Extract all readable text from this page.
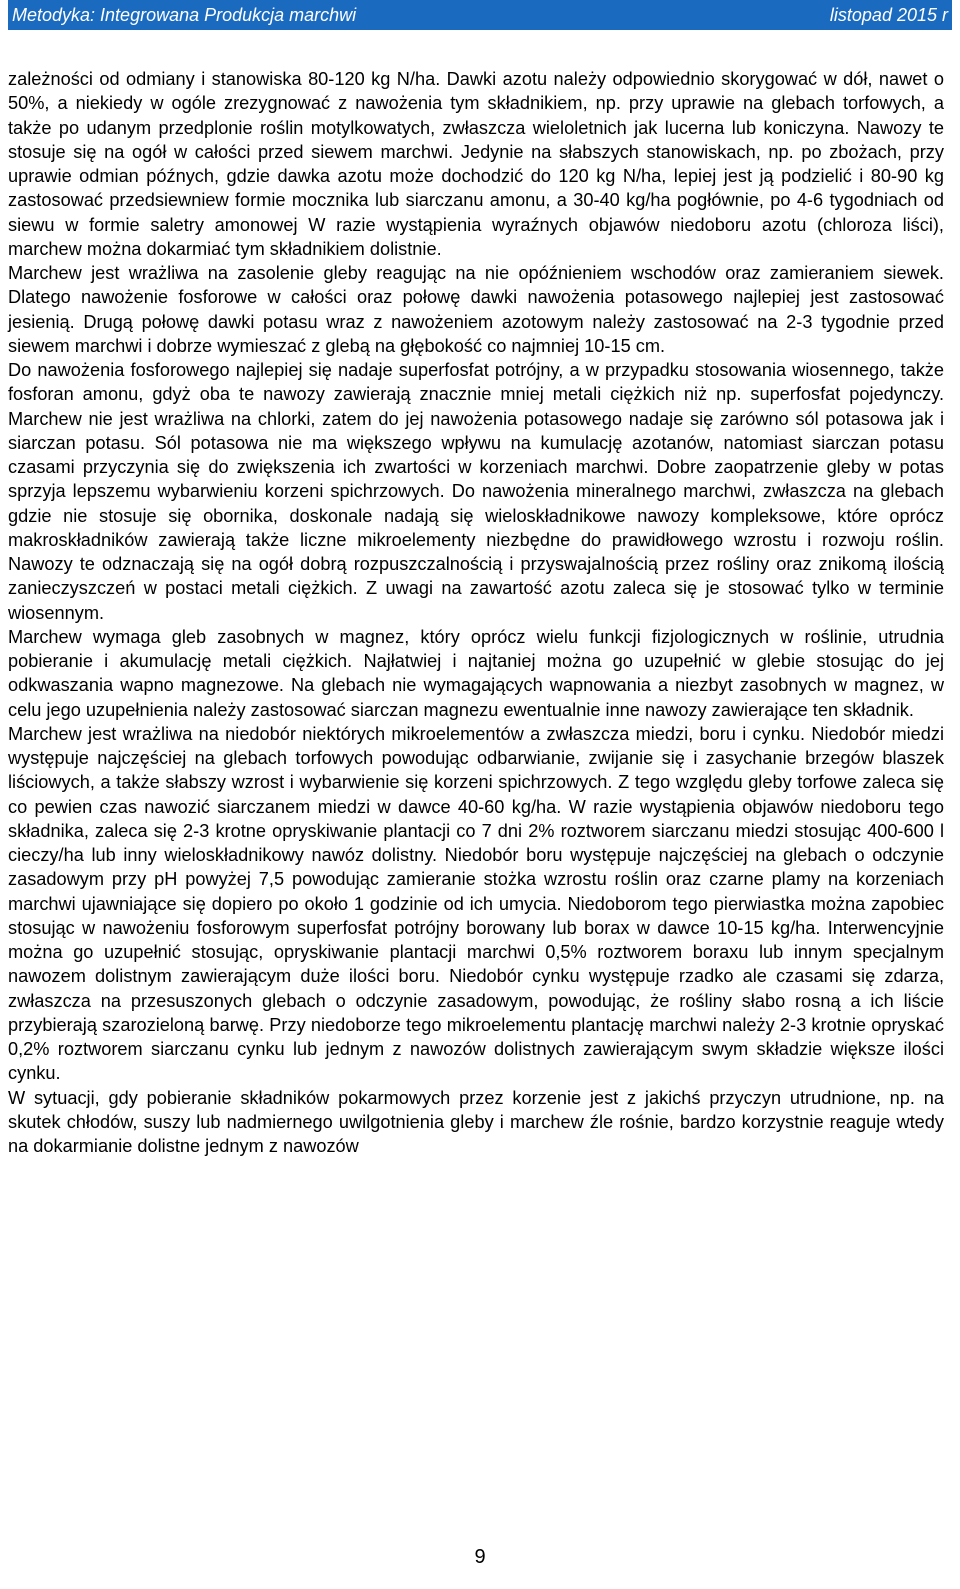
Metodyka: Integrowana Produkcja marchwi	listopad 2015 r

zależności od odmiany i stanowiska 80-120 kg N/ha. Dawki azotu należy odpowiednio skorygować w dół, nawet o 50%, a niekiedy w ogóle zrezygnować z nawożenia tym składnikiem, np. przy uprawie na glebach torfowych, a także po udanym przedplonie roślin motylkowatych, zwłaszcza wieloletnich jak lucerna lub koniczyna. Nawozy te stosuje się na ogół w całości przed siewem marchwi. Jedynie na słabszych stanowiskach, np. po zbożach, przy uprawie odmian późnych, gdzie dawka azotu może dochodzić do 120 kg N/ha, lepiej jest ją podzielić i 80-90 kg zastosować przedsiewniew formie mocznika lub siarczanu amonu, a 30-40 kg/ha pogłównie, po 4-6 tygodniach od siewu w formie saletry amonowej W razie wystąpienia wyraźnych objawów niedoboru azotu (chloroza liści), marchew można dokarmiać tym składnikiem dolistnie.

Marchew jest wrażliwa na zasolenie gleby reagując na nie opóźnieniem wschodów oraz zamieraniem siewek. Dlatego nawożenie fosforowe w całości oraz połowę dawki nawożenia potasowego najlepiej jest zastosować jesienią. Drugą połowę dawki potasu wraz z nawożeniem azotowym należy zastosować na 2-3 tygodnie przed siewem marchwi i dobrze wymieszać z glebą na głębokość co najmniej 10-15 cm.

Do nawożenia fosforowego najlepiej się nadaje superfosfat potrójny, a w przypadku stosowania wiosennego, także fosforan amonu, gdyż oba te nawozy zawierają znacznie mniej metali ciężkich niż np. superfosfat pojedynczy. Marchew nie jest wrażliwa na chlorki, zatem do jej nawożenia potasowego nadaje się zarówno sól potasowa jak i siarczan potasu. Sól potasowa nie ma większego wpływu na kumulację azotanów, natomiast siarczan potasu czasami przyczynia się do zwiększenia ich zwartości w korzeniach marchwi. Dobre zaopatrzenie gleby w potas sprzyja lepszemu wybarwieniu korzeni spichrzowych. Do nawożenia mineralnego marchwi, zwłaszcza na glebach gdzie nie stosuje się obornika, doskonale nadają się wieloskładnikowe nawozy kompleksowe, które oprócz makroskładników zawierają także liczne mikroelementy niezbędne do prawidłowego wzrostu i rozwoju roślin. Nawozy te odznaczają się na ogół dobrą rozpuszczalnością i przyswajalnością przez rośliny oraz znikomą ilością zanieczyszczeń w postaci metali ciężkich. Z uwagi na zawartość azotu zaleca się je stosować tylko w terminie wiosennym.

Marchew wymaga gleb zasobnych w magnez, który oprócz wielu funkcji fizjologicznych w roślinie, utrudnia pobieranie i akumulację metali ciężkich. Najłatwiej i najtaniej można go uzupełnić w glebie stosując do jej odkwaszania wapno magnezowe. Na glebach nie wymagających wapnowania a niezbyt zasobnych w magnez, w celu jego uzupełnienia należy zastosować siarczan magnezu ewentualnie inne nawozy zawierające ten składnik.

Marchew jest wrażliwa na niedobór niektórych mikroelementów a zwłaszcza miedzi, boru i cynku. Niedobór miedzi występuje najczęściej na glebach torfowych powodując odbarwianie, zwijanie się i zasychanie brzegów blaszek liściowych, a także słabszy wzrost i wybarwienie się korzeni spichrzowych. Z tego względu gleby torfowe zaleca się co pewien czas nawozić siarczanem miedzi w dawce 40-60 kg/ha. W razie wystąpienia objawów niedoboru tego składnika, zaleca się 2-3 krotne opryskiwanie plantacji co 7 dni 2% roztworem siarczanu miedzi stosując 400-600 l cieczy/ha lub inny wieloskładnikowy nawóz dolistny. Niedobór boru występuje najczęściej na glebach o odczynie zasadowym przy pH powyżej 7,5 powodując zamieranie stożka wzrostu roślin oraz czarne plamy na korzeniach marchwi ujawniające się dopiero po około 1 godzinie od ich umycia. Niedoborom tego pierwiastka można zapobiec stosując w nawożeniu fosforowym superfosfat potrójny borowany lub borax w dawce 10-15 kg/ha. Interwencyjnie można go uzupełnić stosując, opryskiwanie plantacji marchwi 0,5% roztworem boraxu lub innym specjalnym nawozem dolistnym zawierającym duże ilości boru. Niedobór cynku występuje rzadko ale czasami się zdarza, zwłaszcza na przesuszonych glebach o odczynie zasadowym, powodując, że rośliny słabo rosną a ich liście przybierają szarozieloną barwę. Przy niedoborze tego mikroelementu plantację marchwi należy 2-3 krotnie opryskać 0,2% roztworem siarczanu cynku lub jednym z nawozów dolistnych zawierającym swym składzie większe ilości cynku.

W sytuacji, gdy pobieranie składników pokarmowych przez korzenie jest z jakichś przyczyn utrudnione, np. na skutek chłodów, suszy lub nadmiernego uwilgotnienia gleby i marchew źle rośnie, bardzo korzystnie reaguje wtedy na dokarmianie dolistne jednym z nawozów

9
